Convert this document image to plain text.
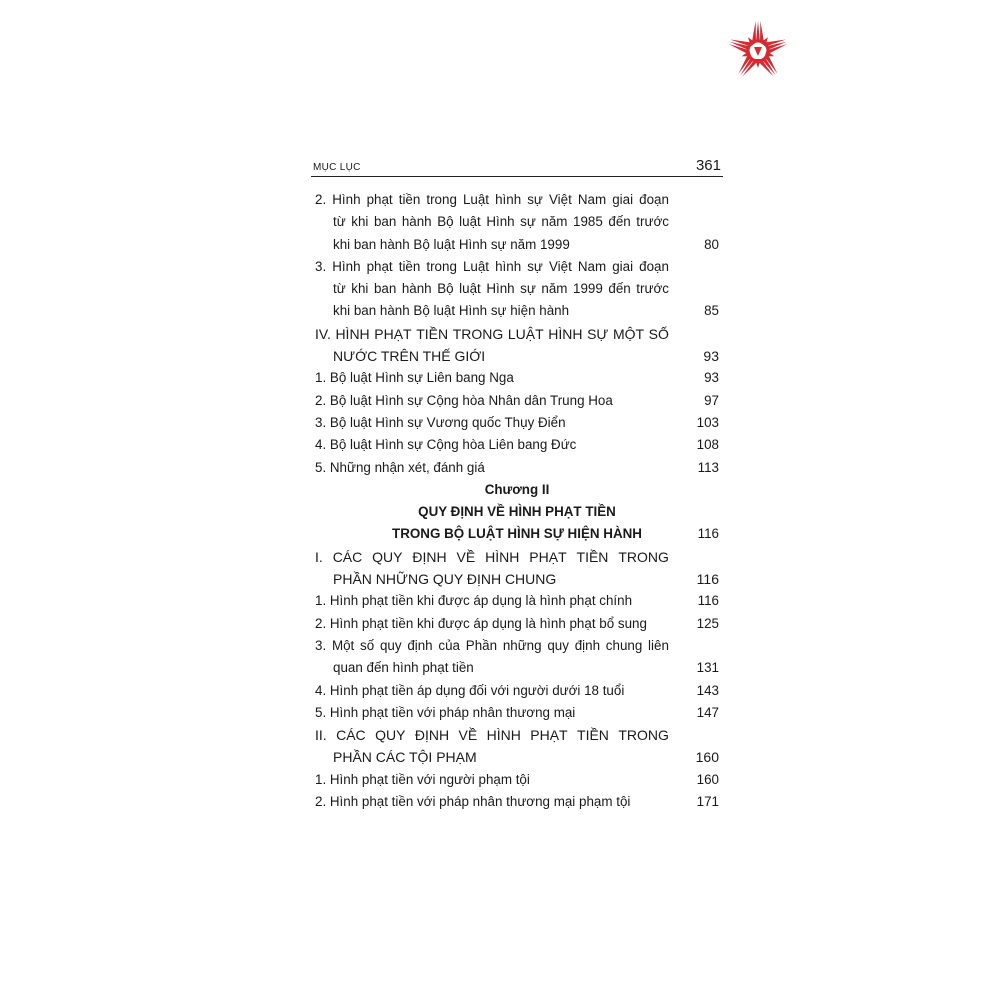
MỤC LỤC	361
2. Hình phạt tiền trong Luật hình sự Việt Nam giai đoạn
từ khi ban hành Bộ luật Hình sự năm 1985 đến trước
khi ban hành Bộ luật Hình sự năm 1999	80
3. Hình phạt tiền trong Luật hình sự Việt Nam giai đoạn
từ khi ban hành Bộ luật Hình sự năm 1999 đến trước
khi ban hành Bộ luật Hình sự hiện hành	85
IV. HÌNH PHẠT TIỀN TRONG LUẬT HÌNH SỰ MỘT SỐ
NƯỚC TRÊN THẾ GIỚI	93
1. Bộ luật Hình sự Liên bang Nga	93
2. Bộ luật Hình sự Cộng hòa Nhân dân Trung Hoa	97
3. Bộ luật Hình sự Vương quốc Thụy Điển	103
4. Bộ luật Hình sự Cộng hòa Liên bang Đức	108
5. Những nhận xét, đánh giá	113
Chương II
QUY ĐỊNH VỀ HÌNH PHẠT TIỀN
TRONG BỘ LUẬT HÌNH SỰ HIỆN HÀNH	116
I. CÁC QUY ĐỊNH VỀ HÌNH PHẠT TIỀN TRONG
PHẦN NHỮNG QUY ĐỊNH CHUNG	116
1. Hình phạt tiền khi được áp dụng là hình phạt chính	116
2. Hình phạt tiền khi được áp dụng là hình phạt bổ sung	125
3. Một số quy định của Phần những quy định chung liên
quan đến hình phạt tiền	131
4. Hình phạt tiền áp dụng đối với người dưới 18 tuổi	143
5. Hình phạt tiền với pháp nhân thương mại	147
II. CÁC QUY ĐỊNH VỀ HÌNH PHẠT TIỀN TRONG
PHẦN CÁC TỘI PHẠM	160
1. Hình phạt tiền với người phạm tội	160
2. Hình phạt tiền với pháp nhân thương mại phạm tội	171
